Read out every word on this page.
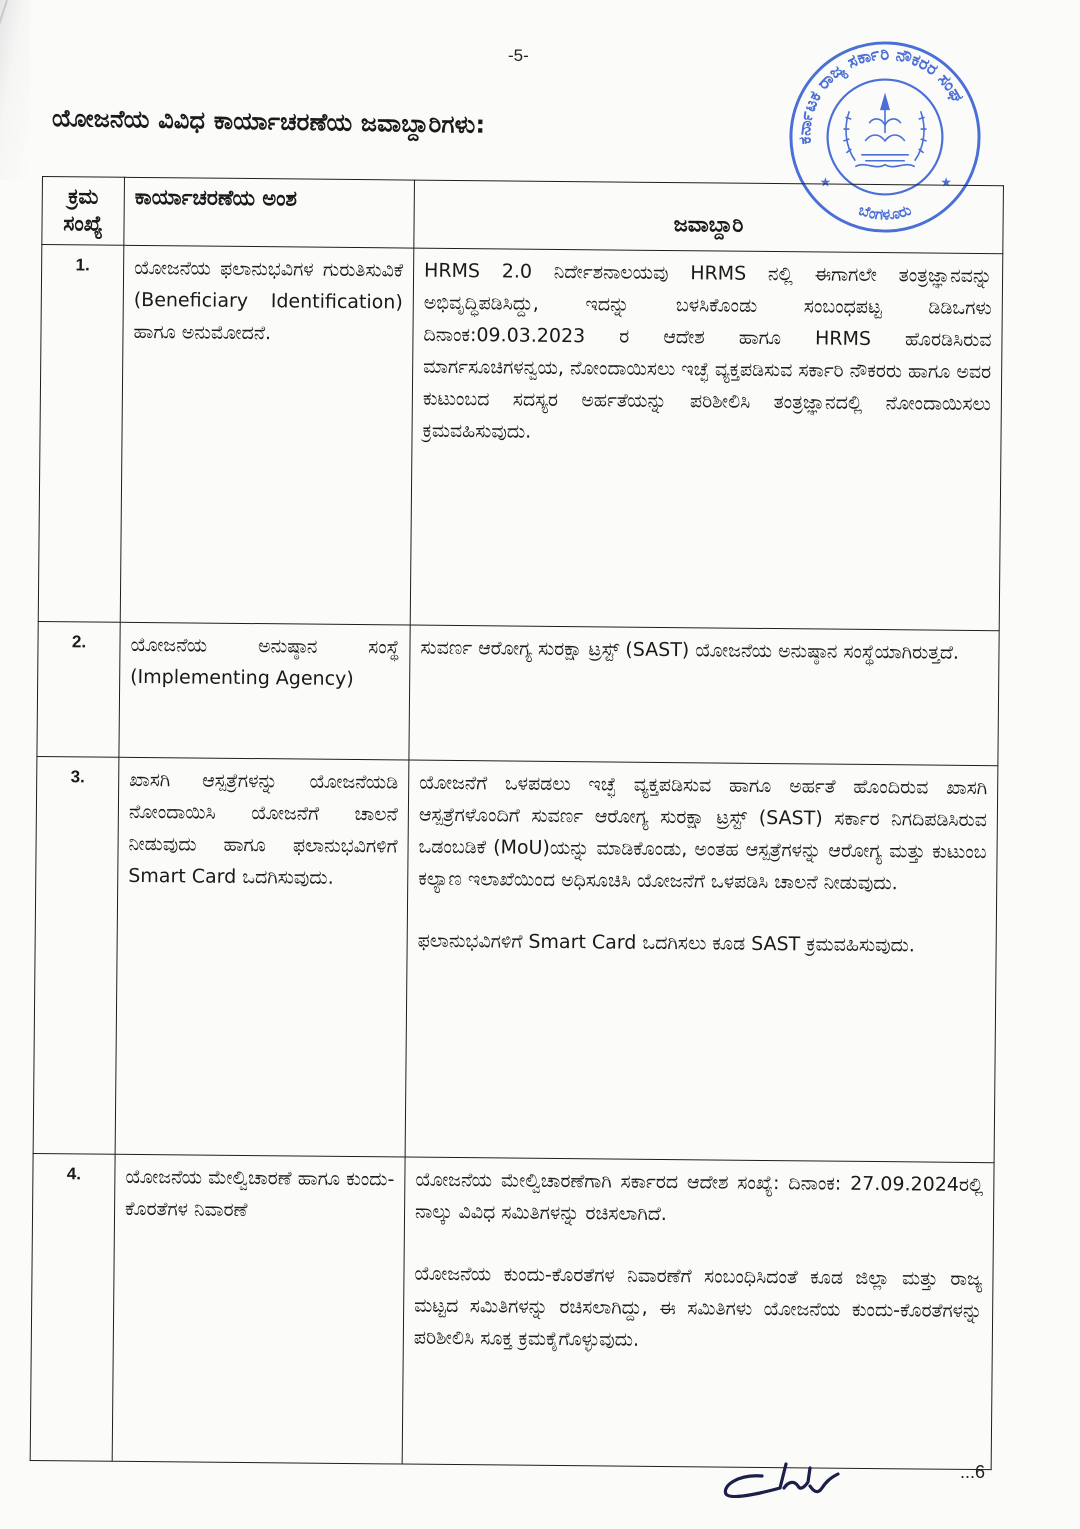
-5-
ಯೋಜನೆಯ ವಿವಿಧ ಕಾರ್ಯಾಚರಣೆಯ ಜವಾಬ್ದಾರಿಗಳು:
ಕರ್ನಾಟಕ ರಾಜ್ಯ ಸರ್ಕಾರಿ ನೌಕರರ ಸಂಘ
ಬೆಂಗಳೂರು
★	★
ಕ್ರಮ ಸಂಖ್ಯೆ	ಕಾರ್ಯಾಚರಣೆಯ ಅಂಶ	ಜವಾಬ್ದಾರಿ
1.	ಯೋಜನೆಯ ಫಲಾನುಭವಿಗಳ ಗುರುತಿಸುವಿಕೆ (Beneficiary Identification) ಹಾಗೂ ಅನುಮೋದನೆ.	HRMS 2.0 ನಿರ್ದೇಶನಾಲಯವು HRMS ನಲ್ಲಿ ಈಗಾಗಲೇ ತಂತ್ರಜ್ಞಾನವನ್ನು ಅಭಿವೃದ್ಧಿಪಡಿಸಿದ್ದು, ಇದನ್ನು ಬಳಸಿಕೊಂಡು ಸಂಬಂಧಪಟ್ಟ ಡಿಡಿಒಗಳು ದಿನಾಂಕ:09.03.2023 ರ ಆದೇಶ ಹಾಗೂ HRMS ಹೊರಡಿಸಿರುವ ಮಾರ್ಗಸೂಚಿಗಳನ್ವಯ, ನೋಂದಾಯಿಸಲು ಇಚ್ಛೆ ವ್ಯಕ್ತಪಡಿಸುವ ಸರ್ಕಾರಿ ನೌಕರರು ಹಾಗೂ ಅವರ ಕುಟುಂಬದ ಸದಸ್ಯರ ಅರ್ಹತೆಯನ್ನು ಪರಿಶೀಲಿಸಿ ತಂತ್ರಜ್ಞಾನದಲ್ಲಿ ನೋಂದಾಯಿಸಲು ಕ್ರಮವಹಿಸುವುದು.

2.	ಯೋಜನೆಯ ಅನುಷ್ಠಾನ ಸಂಸ್ಥೆ (Implementing Agency)	ಸುವರ್ಣ ಆರೋಗ್ಯ ಸುರಕ್ಷಾ ಟ್ರಸ್ಟ್ (SAST) ಯೋಜನೆಯ ಅನುಷ್ಠಾನ ಸಂಸ್ಥೆಯಾಗಿರುತ್ತದೆ.

3.	ಖಾಸಗಿ ಆಸ್ಪತ್ರೆಗಳನ್ನು ಯೋಜನೆಯಡಿ ನೋಂದಾಯಿಸಿ ಯೋಜನೆಗೆ ಚಾಲನೆ ನೀಡುವುದು ಹಾಗೂ ಫಲಾನುಭವಿಗಳಿಗೆ Smart Card ಒದಗಿಸುವುದು.	ಯೋಜನೆಗೆ ಒಳಪಡಲು ಇಚ್ಛೆ ವ್ಯಕ್ತಪಡಿಸುವ ಹಾಗೂ ಅರ್ಹತೆ ಹೊಂದಿರುವ ಖಾಸಗಿ ಆಸ್ಪತ್ರೆಗಳೊಂದಿಗೆ ಸುವರ್ಣ ಆರೋಗ್ಯ ಸುರಕ್ಷಾ ಟ್ರಸ್ಟ್ (SAST) ಸರ್ಕಾರ ನಿಗದಿಪಡಿಸಿರುವ ಒಡಂಬಡಿಕೆ (MoU)ಯನ್ನು ಮಾಡಿಕೊಂಡು, ಅಂತಹ ಆಸ್ಪತ್ರೆಗಳನ್ನು ಆರೋಗ್ಯ ಮತ್ತು ಕುಟುಂಬ ಕಲ್ಯಾಣ ಇಲಾಖೆಯಿಂದ ಅಧಿಸೂಚಿಸಿ ಯೋಜನೆಗೆ ಒಳಪಡಿಸಿ ಚಾಲನೆ ನೀಡುವುದು.

ಫಲಾನುಭವಿಗಳಿಗೆ Smart Card ಒದಗಿಸಲು ಕೂಡ SAST ಕ್ರಮವಹಿಸುವುದು.

4.	ಯೋಜನೆಯ ಮೇಲ್ವಿಚಾರಣೆ ಹಾಗೂ ಕುಂದು-ಕೊರತೆಗಳ ನಿವಾರಣೆ	ಯೋಜನೆಯ ಮೇಲ್ವಿಚಾರಣೆಗಾಗಿ ಸರ್ಕಾರದ ಆದೇಶ ಸಂಖ್ಯೆ: ದಿನಾಂಕ: 27.09.2024ರಲ್ಲಿ ನಾಲ್ಕು ವಿವಿಧ ಸಮಿತಿಗಳನ್ನು ರಚಿಸಲಾಗಿದೆ.

ಯೋಜನೆಯ ಕುಂದು-ಕೊರತೆಗಳ ನಿವಾರಣೆಗೆ ಸಂಬಂಧಿಸಿದಂತೆ ಕೂಡ ಜಿಲ್ಲಾ ಮತ್ತು ರಾಜ್ಯ ಮಟ್ಟದ ಸಮಿತಿಗಳನ್ನು ರಚಿಸಲಾಗಿದ್ದು, ಈ ಸಮಿತಿಗಳು ಯೋಜನೆಯ ಕುಂದು-ಕೊರತೆಗಳನ್ನು ಪರಿಶೀಲಿಸಿ ಸೂಕ್ತ ಕ್ರಮಕೈಗೊಳ್ಳುವುದು.

...6
